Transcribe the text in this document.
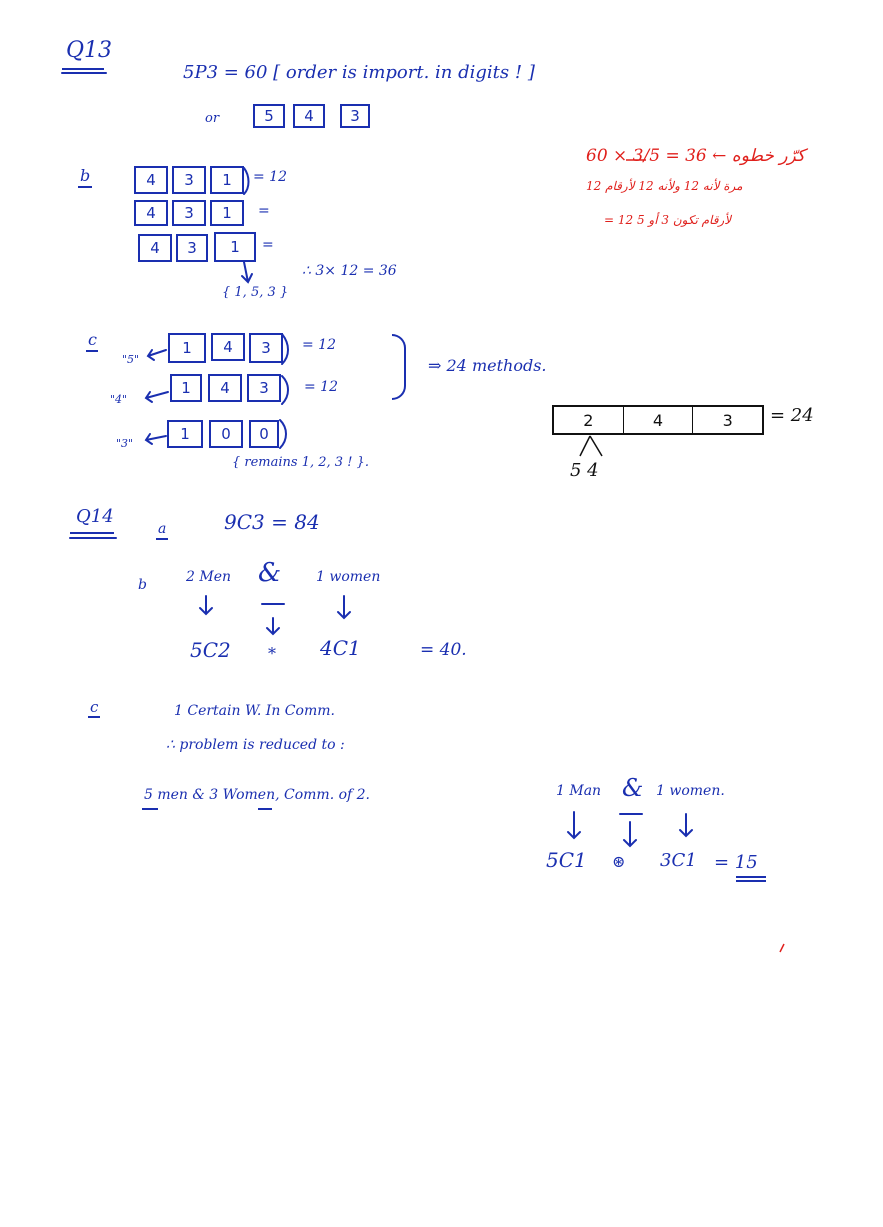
Q13
5P3 = 60 [ order is import. in digits ! ]
or	5 4 3
b	4 3 1 = 12
4 3 1 =
4 3 1 =
{ 1, 5, 3 }
∴ 3× 12 = 36
60 × 3/5 = 36 ← كرّر خطوه
12 مرة لأنه 12 ولأنه 12 لأرقام
= 12 لأرقام تكون 3 أو 5
c
"5"
1 4 3 = 12
"4"
1 4 3	= 12
"3"
1 0 0
{ remains 1, 2, 3 ! }.
⇒ 24 methods.
2	4	3	= 24
5 4
Q14
a	9C3 = 84
b	2 Men & 1 women
5C2 * 4C1	= 40.
c	1 Certain W. In Comm.
∴ problem is reduced to :
5 men & 3 Women, Comm. of 2.	1 Man & 1 women.
5C1 ⊛ 3C1 = 15
